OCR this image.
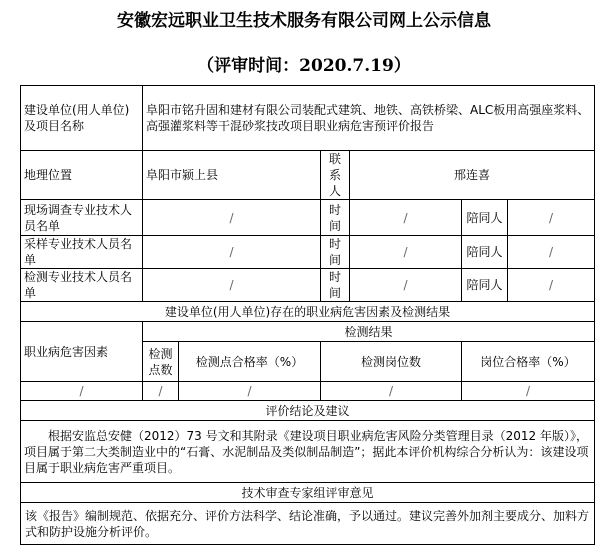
安徽宏远职业卫生技术服务有限公司网上公示信息
（评审时间：2020.7.19）
建设单位(用人单位)及项目名称	阜阳市铭升固和建材有限公司装配式建筑、地铁、高铁桥梁、ALC板用高强座浆料、高强灌浆料等干混砂浆技改项目职业病危害预评价报告					
地理位置	阜阳市颍上县		联系人	邢连喜		
现场调查专业技术人员名单	/		时间	/	陪同人	/
采样专业技术人员名单	/		时间	/	陪同人	/
检测专业技术人员名单	/		时间	/	陪同人	/
建设单位(用人单位)存在的职业病危害因素及检测结果						
职业病危害因素	检测结果					
	检测点数	检测点合格率（%）	检测岗位数		岗位合格率（%）	
/	/	/	/		/	
评价结论及建议						
根据安监总安健（2012）73 号文和其附录《建设项目职业病危害风险分类管理目录（2012 年版）》，项目属于第二大类制造业中的“石膏、水泥制品及类似制品制造”；据此本评价机构综合分析认为：该建设项目属于职业病危害严重项目。						
技术审查专家组评审意见						
该《报告》编制规范、依据充分、评价方法科学、结论准确，予以通过。建议完善外加剂主要成分、加料方式和防护设施分析评价。						
